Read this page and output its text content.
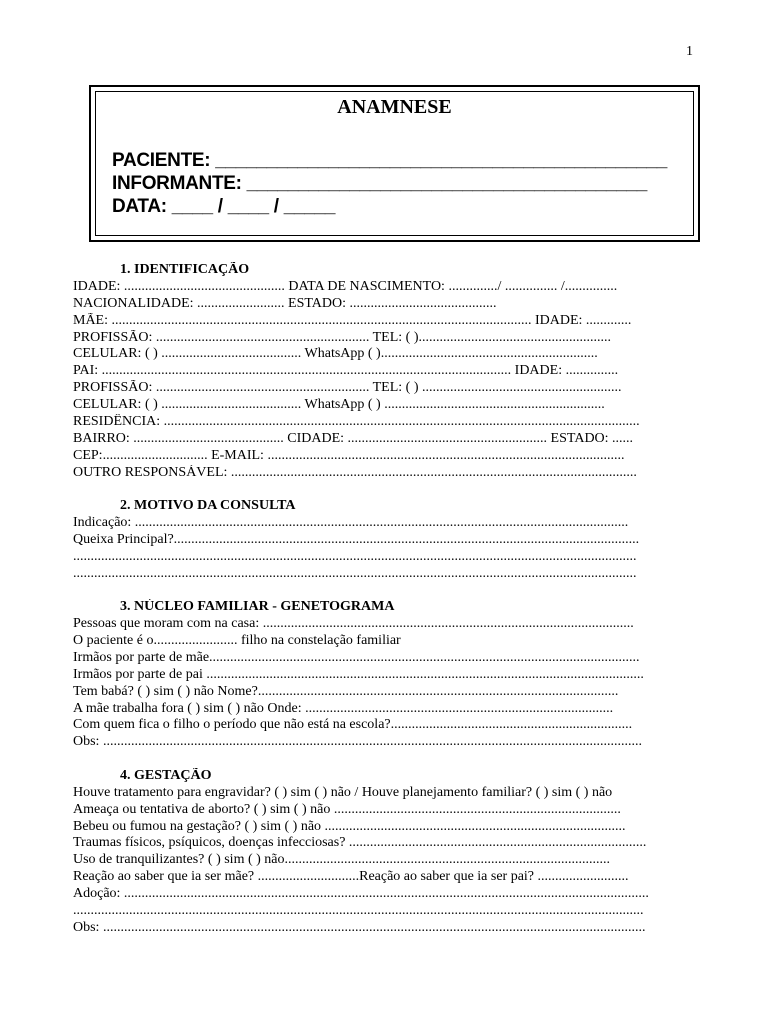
1
ANAMNESE
PACIENTE: ____________________________________________
INFORMANTE: _______________________________________
DATA: ____ / ____ / _____
1. IDENTIFICAÇÃO
IDADE: .............................................. DATA DE NASCIMENTO: ............../ ............... /...............
NACIONALIDADE: ......................... ESTADO: ..........................................
MÃE: ........................................................................................................................ IDADE: .............
PROFISSÃO: ............................................................. TEL: ( ).......................................................
CELULAR: ( ) ........................................ WhatsApp ( )..............................................................
PAI: ..................................................................................................................... IDADE: ...............
PROFISSÃO: ............................................................. TEL: ( ) .........................................................
CELULAR: ( ) ........................................ WhatsApp ( ) ...............................................................
RESIDÊNCIA: ........................................................................................................................................
BAIRRO: ........................................... CIDADE: ......................................................... ESTADO: ......
CEP:.............................. E-MAIL: ......................................................................................................
OUTRO RESPONSÁVEL: ....................................................................................................................
2. MOTIVO DA CONSULTA
Indicação: .............................................................................................................................................
Queixa Principal?.....................................................................................................................................
.................................................................................................................................................................
.................................................................................................................................................................
3. NÚCLEO FAMILIAR - GENETOGRAMA
Pessoas que moram com na casa: ..........................................................................................................
O paciente é o........................ filho na constelação familiar
Irmãos por parte de mãe...........................................................................................................................
Irmãos por parte de pai .............................................................................................................................
Tem babá? ( ) sim ( ) não Nome?.......................................................................................................
A mãe trabalha fora ( ) sim ( ) não Onde: ........................................................................................
Com quem fica o filho o período que não está na escola?.....................................................................
Obs: ..........................................................................................................................................................
4. GESTAÇÃO
Houve tratamento para engravidar? ( ) sim ( ) não / Houve planejamento familiar? ( ) sim ( ) não
Ameaça ou tentativa de aborto? ( ) sim ( ) não ..................................................................................
Bebeu ou fumou na gestação? ( ) sim ( ) não ......................................................................................
Traumas físicos, psíquicos, doenças infecciosas? .....................................................................................
Uso de tranquilizantes? ( ) sim ( ) não.............................................................................................
Reação ao saber que ia ser mãe? .............................Reação ao saber que ia ser pai? ..........................
Adoção: ......................................................................................................................................................
...................................................................................................................................................................
Obs: ...........................................................................................................................................................
